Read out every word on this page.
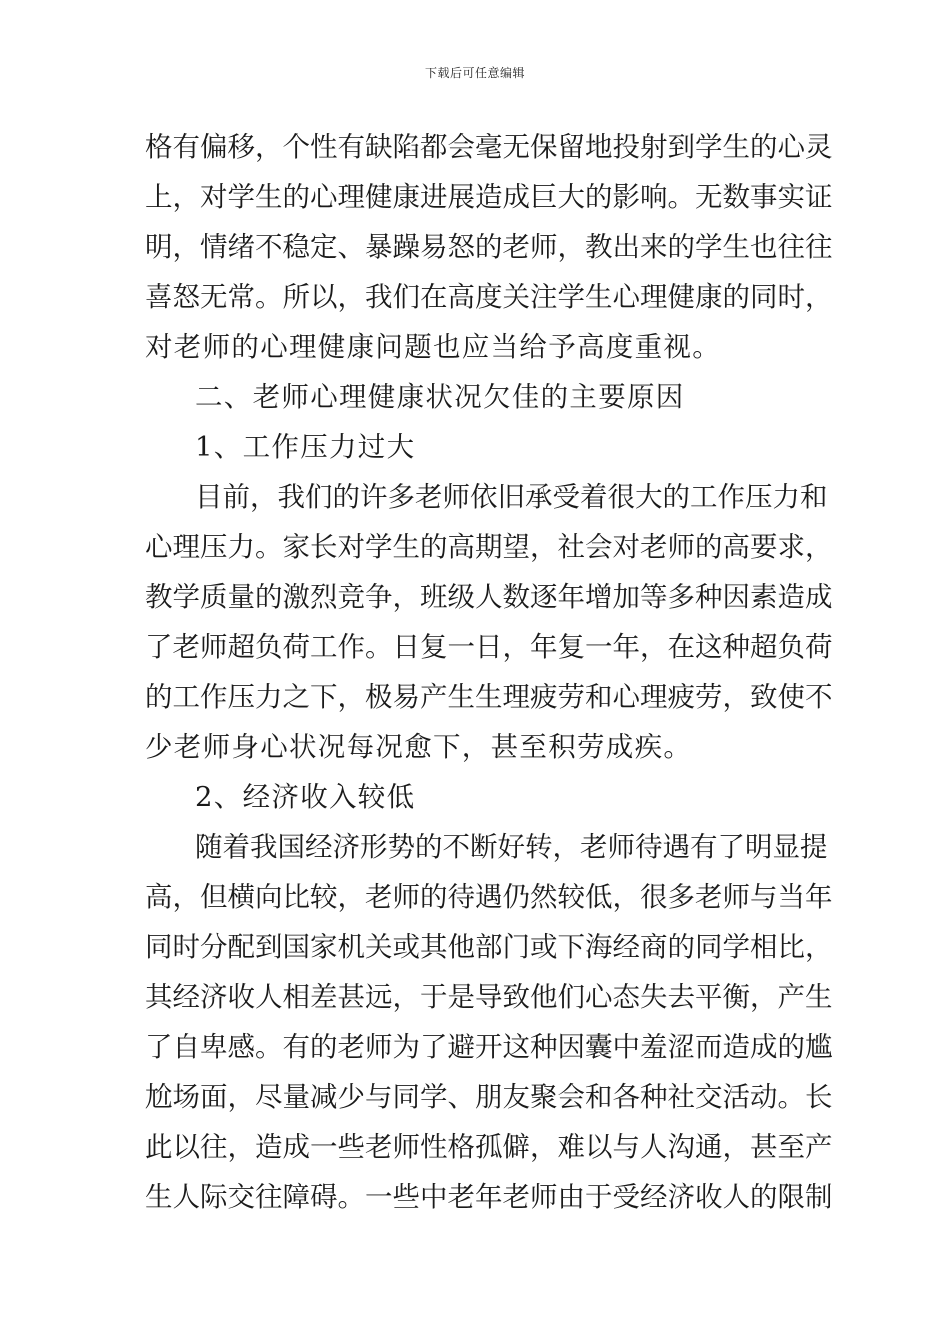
下载后可任意编辑
格有偏移，个性有缺陷都会毫无保留地投射到学生的心灵
上，对学生的心理健康进展造成巨大的影响。无数事实证
明，情绪不稳定、暴躁易怒的老师，教出来的学生也往往
喜怒无常。所以，我们在高度关注学生心理健康的同时，
对老师的心理健康问题也应当给予高度重视。
二、老师心理健康状况欠佳的主要原因
1、工作压力过大
目前，我们的许多老师依旧承受着很大的工作压力和
心理压力。家长对学生的高期望，社会对老师的高要求，
教学质量的激烈竞争，班级人数逐年增加等多种因素造成
了老师超负荷工作。日复一日，年复一年，在这种超负荷
的工作压力之下，极易产生生理疲劳和心理疲劳，致使不
少老师身心状况每况愈下，甚至积劳成疾。
2、经济收入较低
随着我国经济形势的不断好转，老师待遇有了明显提
高，但横向比较，老师的待遇仍然较低，很多老师与当年
同时分配到国家机关或其他部门或下海经商的同学相比，
其经济收人相差甚远，于是导致他们心态失去平衡，产生
了自卑感。有的老师为了避开这种因囊中羞涩而造成的尴
尬场面，尽量减少与同学、朋友聚会和各种社交活动。长
此以往，造成一些老师性格孤僻，难以与人沟通，甚至产
生人际交往障碍。一些中老年老师由于受经济收人的限制
